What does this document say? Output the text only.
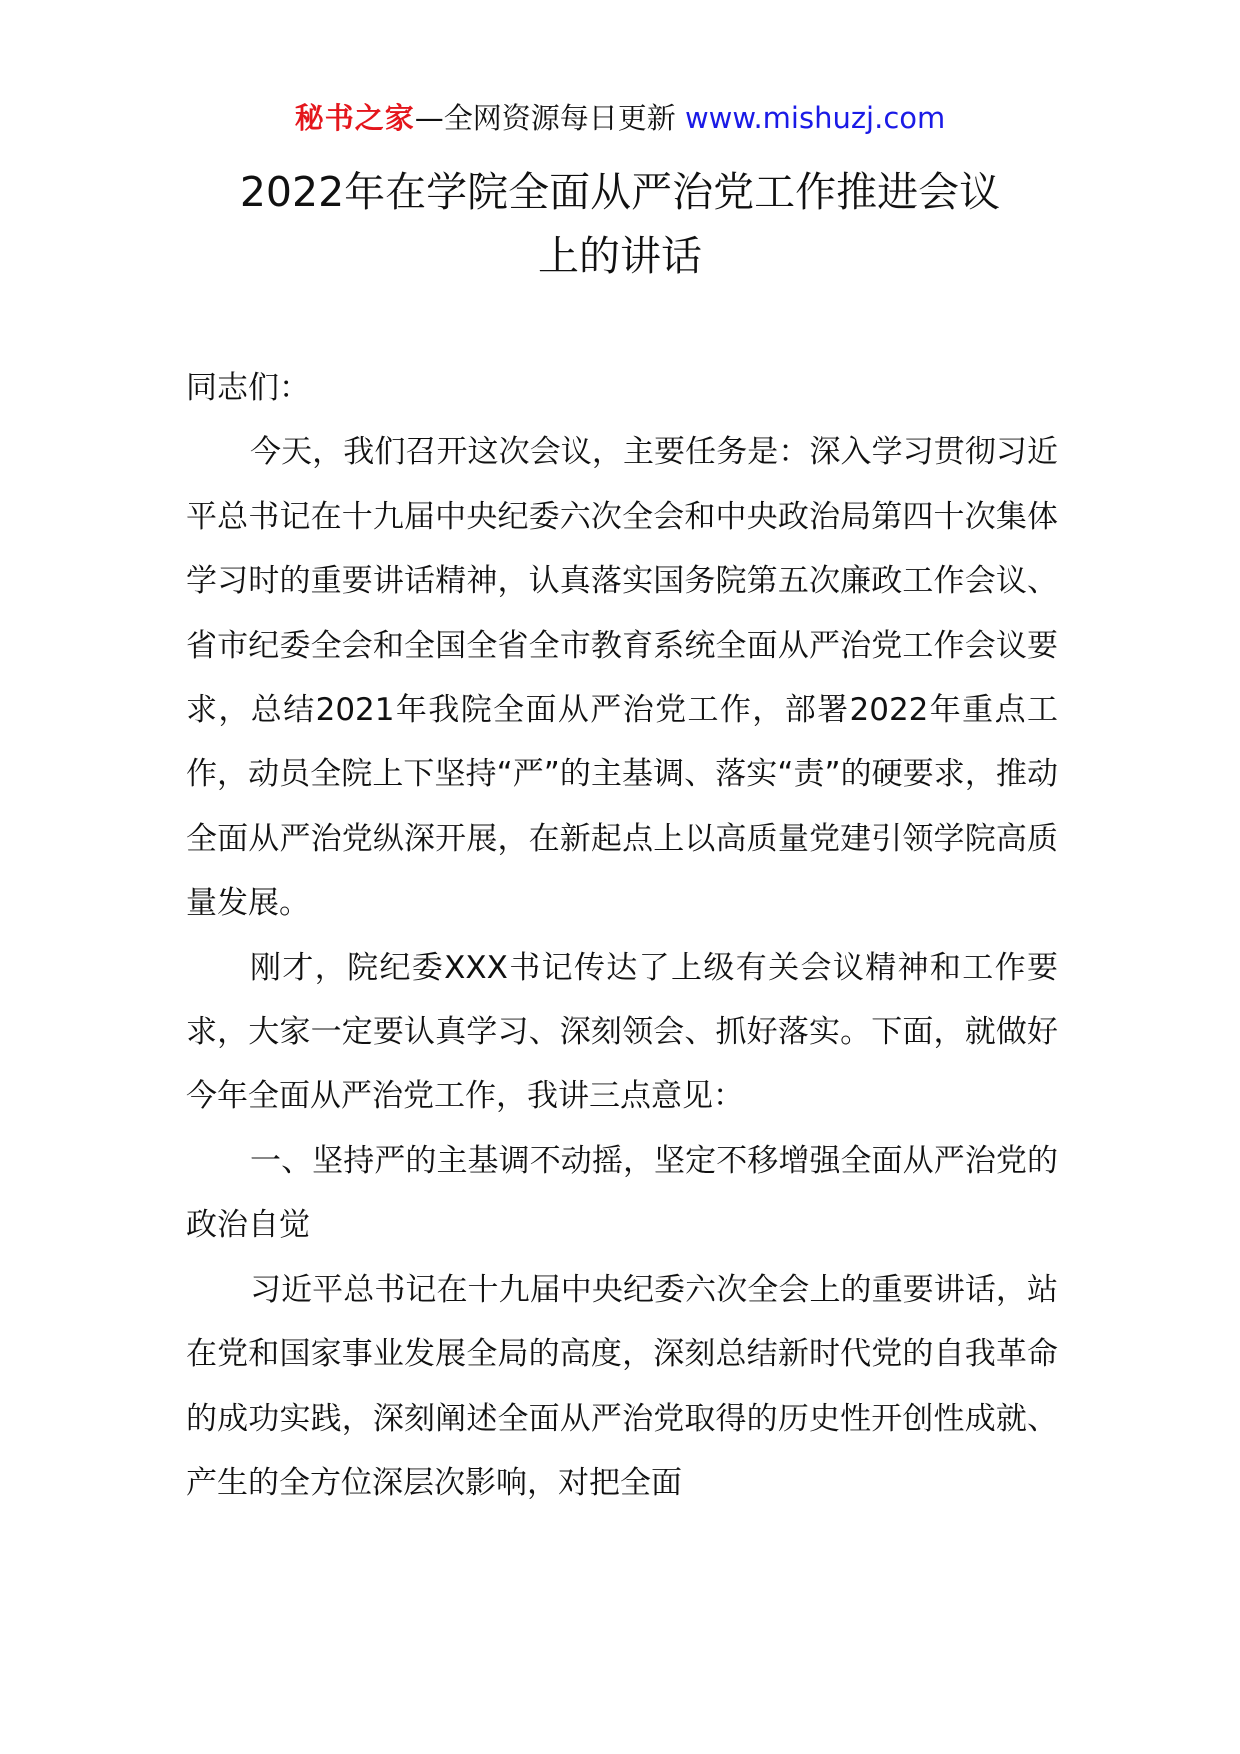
秘书之家—全网资源每日更新 www.mishuzj.com
2022年在学院全面从严治党工作推进会议
上的讲话

同志们：

今天，我们召开这次会议，主要任务是：深入学习贯彻习近平总书记在十九届中央纪委六次全会和中央政治局第四十次集体学习时的重要讲话精神，认真落实国务院第五次廉政工作会议、省市纪委全会和全国全省全市教育系统全面从严治党工作会议要求，总结2021年我院全面从严治党工作，部署2022年重点工作，动员全院上下坚持“严”的主基调、落实“责”的硬要求，推动全面从严治党纵深开展，在新起点上以高质量党建引领学院高质量发展。

刚才，院纪委XXX书记传达了上级有关会议精神和工作要求，大家一定要认真学习、深刻领会、抓好落实。下面，就做好今年全面从严治党工作，我讲三点意见：

一、坚持严的主基调不动摇，坚定不移增强全面从严治党的政治自觉

习近平总书记在十九届中央纪委六次全会上的重要讲话，站在党和国家事业发展全局的高度，深刻总结新时代党的自我革命的成功实践，深刻阐述全面从严治党取得的历史性开创性成就、产生的全方位深层次影响，对把全面
